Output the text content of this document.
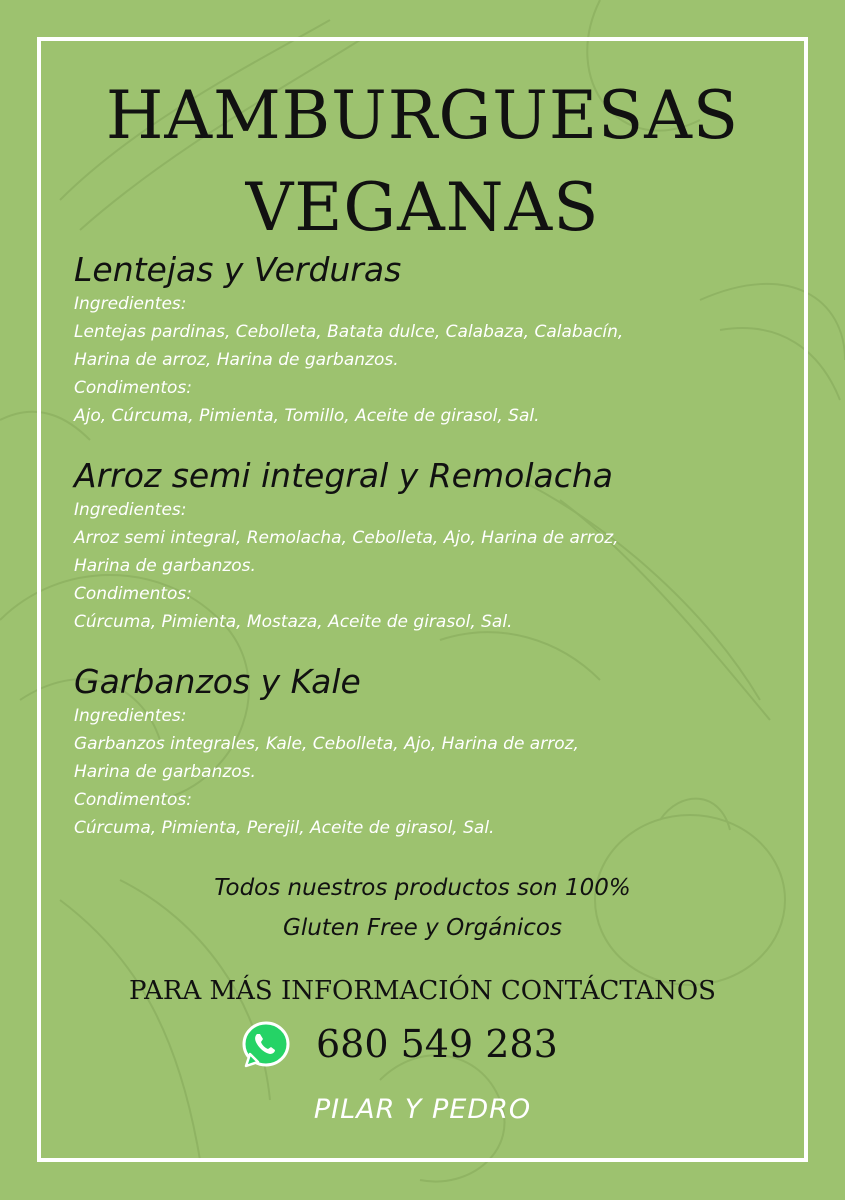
HAMBURGUESAS
VEGANAS
Lentejas y Verduras
Ingredientes:
Lentejas pardinas, Cebolleta, Batata dulce, Calabaza, Calabacín,
Harina de arroz, Harina de garbanzos.
Condimentos:
Ajo, Cúrcuma, Pimienta, Tomillo, Aceite de girasol, Sal.
Arroz semi integral y Remolacha
Ingredientes:
Arroz semi integral, Remolacha, Cebolleta, Ajo, Harina de arroz,
Harina de garbanzos.
Condimentos:
Cúrcuma, Pimienta, Mostaza, Aceite de girasol, Sal.
Garbanzos y Kale
Ingredientes:
Garbanzos integrales, Kale, Cebolleta, Ajo, Harina de arroz,
Harina de garbanzos.
Condimentos:
Cúrcuma, Pimienta, Perejil, Aceite de girasol, Sal.
Todos nuestros productos son 100%
Gluten Free y Orgánicos
PARA MÁS INFORMACIÓN CONTÁCTANOS
680 549 283
PILAR Y PEDRO
